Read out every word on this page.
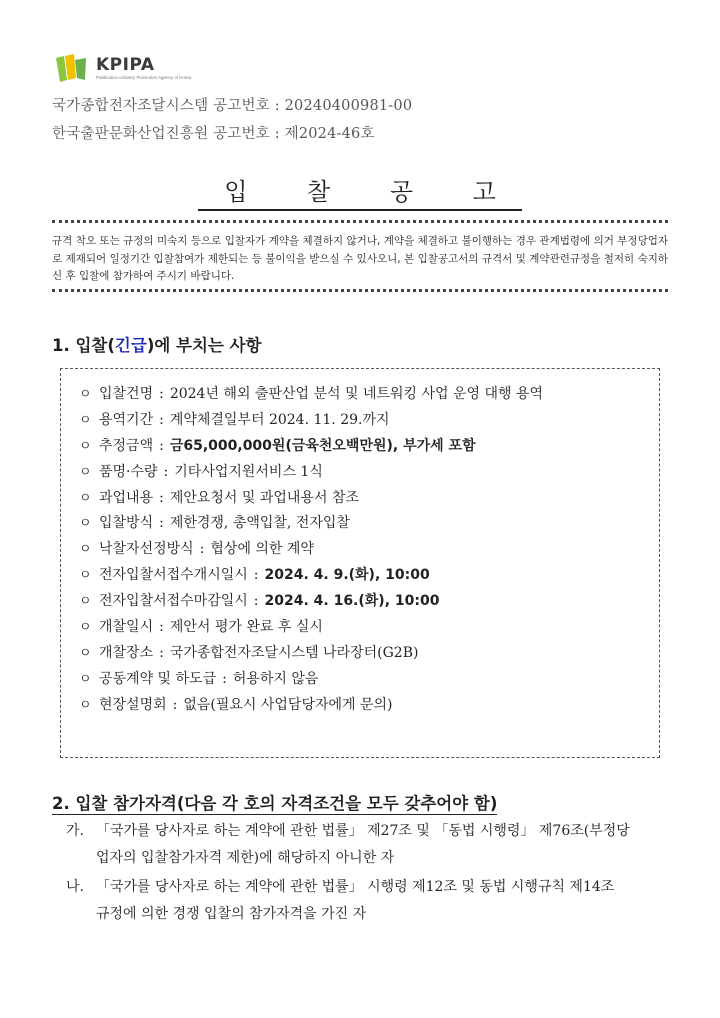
KPIPA
Publication Industry Promotion Agency of Korea
국가종합전자조달시스템 공고번호 : 20240400981-00
한국출판문화산업진흥원 공고번호 : 제2024-46호
입 찰 공 고
규격 착오 또는 규정의 미숙지 등으로 입찰자가 계약을 체결하지 않거나, 계약을 체결하고 불이행하는 경우 관계법령에 의거 부정당업자로 제재되어 일정기간 입찰참여가 제한되는 등 불이익을 받으실 수 있사오니, 본 입찰공고서의 규격서 및 계약관련규정을 철저히 숙지하신 후 입찰에 참가하여 주시기 바랍니다.
1. 입찰(긴급)에 부치는 사항
ㅇ 입찰건명 : 2024년 해외 출판산업 분석 및 네트워킹 사업 운영 대행 용역
ㅇ 용역기간 : 계약체결일부터 2024. 11. 29.까지
ㅇ 추정금액 : 금65,000,000원(금육천오백만원), 부가세 포함
ㅇ 품명·수량 : 기타사업지원서비스 1식
ㅇ 과업내용 : 제안요청서 및 과업내용서 참조
ㅇ 입찰방식 : 제한경쟁, 총액입찰, 전자입찰
ㅇ 낙찰자선정방식 : 협상에 의한 계약
ㅇ 전자입찰서접수개시일시 : 2024. 4. 9.(화), 10:00
ㅇ 전자입찰서접수마감일시 : 2024. 4. 16.(화), 10:00
ㅇ 개찰일시 : 제안서 평가 완료 후 실시
ㅇ 개찰장소 : 국가종합전자조달시스템 나라장터(G2B)
ㅇ 공동계약 및 하도급 : 허용하지 않음
ㅇ 현장설명회 : 없음(필요시 사업담당자에게 문의)
2. 입찰 참가자격(다음 각 호의 자격조건을 모두 갖추어야 함)
가. 「국가를 당사자로 하는 계약에 관한 법률」 제27조 및 「동법 시행령」 제76조(부정당
업자의 입찰참가자격 제한)에 해당하지 아니한 자
나. 「국가를 당사자로 하는 계약에 관한 법률」 시행령 제12조 및 동법 시행규칙 제14조
규정에 의한 경쟁 입찰의 참가자격을 가진 자
